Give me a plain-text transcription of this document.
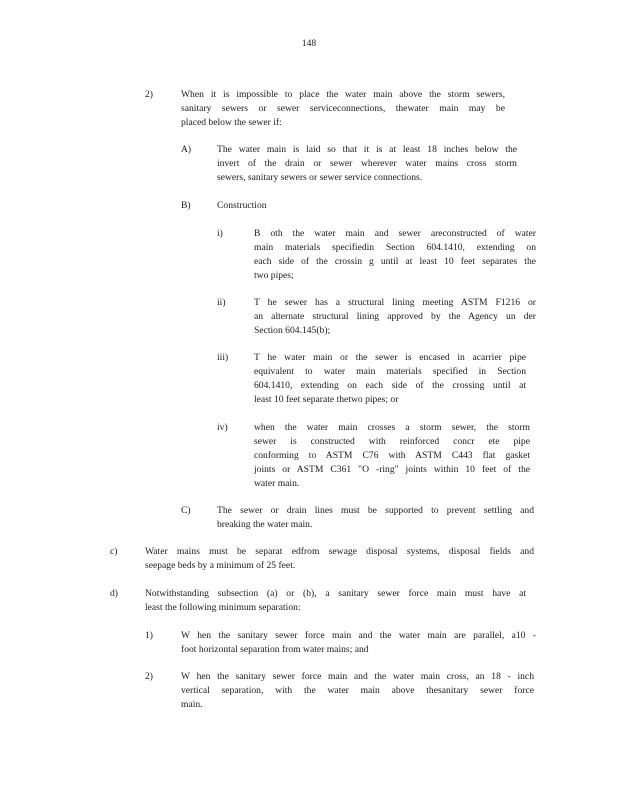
148
2)	When it is impossible to place the water main above the storm sewers,
sanitary sewers or sewer serviceconnections, thewater main may be
placed below the sewer if:
A)	The water main is laid so that it is at least 18 inches below the
invert of the drain or sewer wherever water mains cross storm
sewers, sanitary sewers or sewer service connections.
B)	Construction
i)	B oth the water main and sewer areconstructed of water
main materials specifiedin Section 604.1410, extending on
each side of the crossin g until at least 10 feet separates the
two pipes;
ii)	T he sewer has a structural lining meeting ASTM F1216 or
an alternate structural lining approved by the Agency un der
Section 604.145(b);
iii)	T he water main or the sewer is encased in acarrier pipe
equivalent to water main materials specified in Section
604.1410, extending on each side of the crossing until at
least 10 feet separate thetwo pipes; or
iv)	when the water main crosses a storm sewer, the storm
sewer is constructed with reinforced concr ete pipe
conforming to ASTM C76 with ASTM C443 flat gasket
joints or ASTM C361 "O -ring" joints within 10 feet of the
water main.
C)	The sewer or drain lines must be supported to prevent settling and
breaking the water main.
c)	Water mains must be separat edfrom sewage disposal systems, disposal fields and
seepage beds by a minimum of 25 feet.
d)	Notwithstanding subsection (a) or (b), a sanitary sewer force main must have at
least the following minimum separation:
1)	W hen the sanitary sewer force main and the water main are parallel, a10 -
foot horizontal separation from water mains; and
2)	W hen the sanitary sewer force main and the water main cross, an 18 - inch
vertical separation, with the water main above thesanitary sewer force
main.
